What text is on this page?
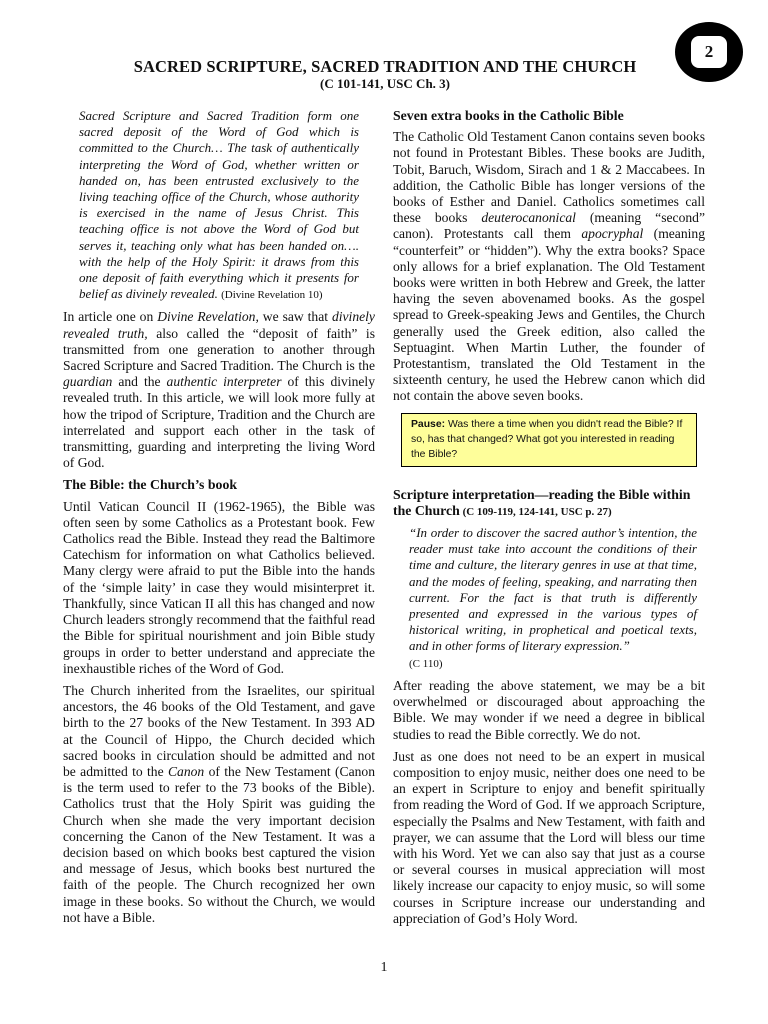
2
SACRED SCRIPTURE, SACRED TRADITION AND THE CHURCH
(C 101-141, USC Ch. 3)
Sacred Scripture and Sacred Tradition form one sacred deposit of the Word of God which is committed to the Church… The task of authentically interpreting the Word of God, whether written or handed on, has been entrusted exclusively to the living teaching office of the Church, whose authority is exercised in the name of Jesus Christ. This teaching office is not above the Word of God but serves it, teaching only what has been handed on…. with the help of the Holy Spirit: it draws from this one deposit of faith everything which it presents for belief as divinely revealed. (Divine Revelation 10)

In article one on Divine Revelation, we saw that divinely revealed truth, also called the “deposit of faith” is transmitted from one generation to another through Sacred Scripture and Sacred Tradition. The Church is the guardian and the authentic interpreter of this divinely revealed truth. In this article, we will look more fully at how the tripod of Scripture, Tradition and the Church are interrelated and support each other in the task of transmitting, guarding and interpreting the living Word of God.

The Bible: the Church’s book

Until Vatican Council II (1962-1965), the Bible was often seen by some Catholics as a Protestant book. Few Catholics read the Bible. Instead they read the Baltimore Catechism for information on what Catholics believed. Many clergy were afraid to put the Bible into the hands of the ‘simple laity’ in case they would misinterpret it. Thankfully, since Vatican II all this has changed and now Church leaders strongly recommend that the faithful read the Bible for spiritual nourishment and join Bible study groups in order to better understand and appreciate the inexhaustible riches of the Word of God.

The Church inherited from the Israelites, our spiritual ancestors, the 46 books of the Old Testament, and gave birth to the 27 books of the New Testament. In 393 AD at the Council of Hippo, the Church decided which sacred books in circulation should be admitted and not be admitted to the Canon of the New Testament (Canon is the term used to refer to the 73 books of the Bible). Catholics trust that the Holy Spirit was guiding the Church when she made the very important decision concerning the Canon of the New Testament. It was a decision based on which books best captured the vision and message of Jesus, which books best nurtured the faith of the people. The Church recognized her own image in these books. So without the Church, we would not have a Bible.

Seven extra books in the Catholic Bible

The Catholic Old Testament Canon contains seven books not found in Protestant Bibles. These books are Judith, Tobit, Baruch, Wisdom, Sirach and 1 & 2 Maccabees. In addition, the Catholic Bible has longer versions of the books of Esther and Daniel. Catholics sometimes call these books deuterocanonical (meaning “second” canon). Protestants call them apocryphal (meaning “counterfeit” or “hidden”). Why the extra books? Space only allows for a brief explanation. The Old Testament books were written in both Hebrew and Greek, the latter having the seven abovenamed books. As the gospel spread to Greek-speaking Jews and Gentiles, the Church generally used the Greek edition, also called the Septuagint. When Martin Luther, the founder of Protestantism, translated the Old Testament in the sixteenth century, he used the Hebrew canon which did not contain the above seven books.

Pause: Was there a time when you didn't read the Bible? If so, has that changed? What got you interested in reading the Bible?
Scripture interpretation—reading the Bible within the Church (C 109-119, 124-141, USC p. 27)
“In order to discover the sacred author’s intention, the reader must take into account the conditions of their time and culture, the literary genres in use at that time, and the modes of feeling, speaking, and narrating then current. For the fact is that truth is differently presented and expressed in the various types of historical writing, in prophetical and poetical texts, and in other forms of literary expression.”
(C 110)

After reading the above statement, we may be a bit overwhelmed or discouraged about approaching the Bible. We may wonder if we need a degree in biblical studies to read the Bible correctly. We do not.

Just as one does not need to be an expert in musical composition to enjoy music, neither does one need to be an expert in Scripture to enjoy and benefit spiritually from reading the Word of God. If we approach Scripture, especially the Psalms and New Testament, with faith and prayer, we can assume that the Lord will bless our time with his Word. Yet we can also say that just as a course or several courses in musical appreciation will most likely increase our capacity to enjoy music, so will some courses in Scripture increase our understanding and appreciation of God’s Holy Word.

1
